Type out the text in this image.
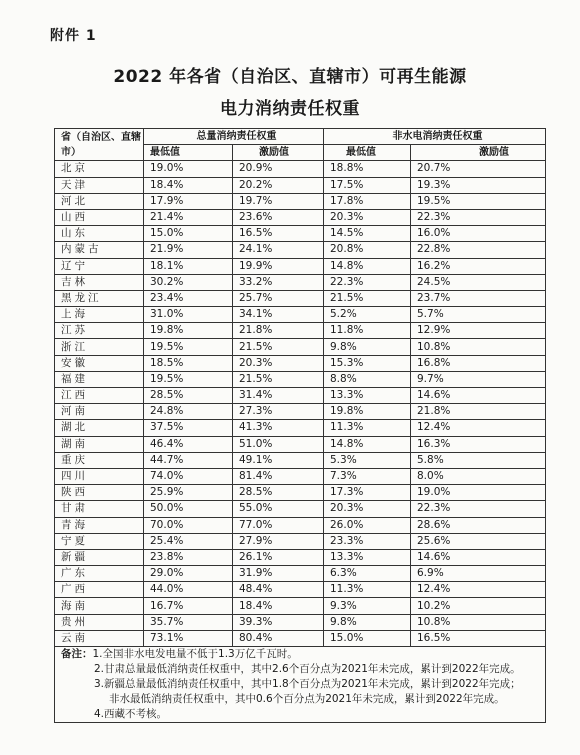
附件 1
2022 年各省（自治区、直辖市）可再生能源
电力消纳责任权重
省（自治区、直辖市）	总量消纳责任权重		非水电消纳责任权重	
	最低值	激励值	最低值	激励值
北京	19.0%	20.9%	18.8%	20.7%
天津	18.4%	20.2%	17.5%	19.3%
河北	17.9%	19.7%	17.8%	19.5%
山西	21.4%	23.6%	20.3%	22.3%
山东	15.0%	16.5%	14.5%	16.0%
内蒙古	21.9%	24.1%	20.8%	22.8%
辽宁	18.1%	19.9%	14.8%	16.2%
吉林	30.2%	33.2%	22.3%	24.5%
黑龙江	23.4%	25.7%	21.5%	23.7%
上海	31.0%	34.1%	5.2%	5.7%
江苏	19.8%	21.8%	11.8%	12.9%
浙江	19.5%	21.5%	9.8%	10.8%
安徽	18.5%	20.3%	15.3%	16.8%
福建	19.5%	21.5%	8.8%	9.7%
江西	28.5%	31.4%	13.3%	14.6%
河南	24.8%	27.3%	19.8%	21.8%
湖北	37.5%	41.3%	11.3%	12.4%
湖南	46.4%	51.0%	14.8%	16.3%
重庆	44.7%	49.1%	5.3%	5.8%
四川	74.0%	81.4%	7.3%	8.0%
陕西	25.9%	28.5%	17.3%	19.0%
甘肃	50.0%	55.0%	20.3%	22.3%
青海	70.0%	77.0%	26.0%	28.6%
宁夏	25.4%	27.9%	23.3%	25.6%
新疆	23.8%	26.1%	13.3%	14.6%
广东	29.0%	31.9%	6.3%	6.9%
广西	44.0%	48.4%	11.3%	12.4%
海南	16.7%	18.4%	9.3%	10.2%
贵州	35.7%	39.3%	9.8%	10.8%
云南	73.1%	80.4%	15.0%	16.5%

备注：1.全国非水电发电量不低于1.3万亿千瓦时。
2.甘肃总量最低消纳责任权重中，其中2.6个百分点为2021年未完成，累计到2022年完成。
3.新疆总量最低消纳责任权重中，其中1.8个百分点为2021年未完成，累计到2022年完成；
非水最低消纳责任权重中，其中0.6个百分点为2021年未完成，累计到2022年完成。
4.西藏不考核。				
